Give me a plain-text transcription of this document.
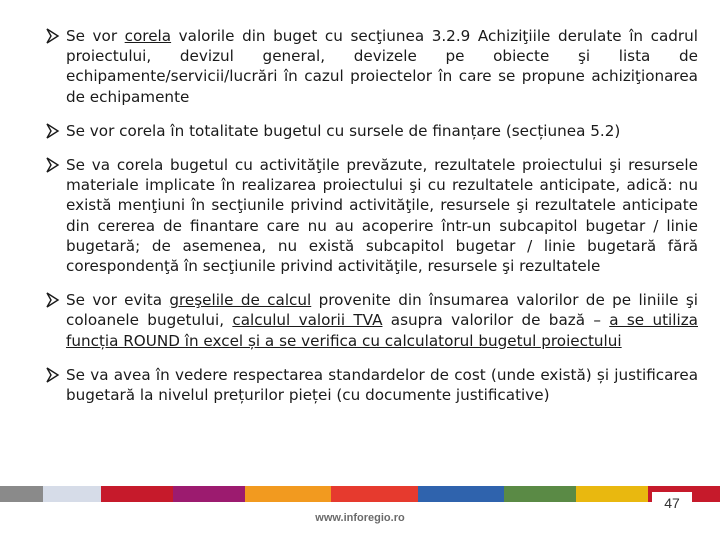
Se vor corela valorile din buget cu secţiunea 3.2.9 Achiziţiile derulate în cadrul proiectului, devizul general, devizele pe obiecte şi lista de echipamente/servicii/lucrări în cazul proiectelor în care se propune achiziţionarea de echipamente
Se vor corela în totalitate bugetul cu sursele de finanțare (secțiunea 5.2)
Se va corela bugetul cu activităţile prevăzute, rezultatele proiectului şi resursele materiale implicate în realizarea proiectului şi cu rezultatele anticipate, adică: nu există menţiuni în secţiunile privind activităţile, resursele şi rezultatele anticipate din cererea de finantare care nu au acoperire într-un subcapitol bugetar / linie bugetară; de asemenea, nu există subcapitol bugetar / linie bugetară fără corespondenţă în secţiunile privind activităţile, resursele şi rezultatele
Se vor evita greşelile de calcul provenite din însumarea valorilor de pe liniile şi coloanele bugetului, calculul valorii TVA asupra valorilor de bază – a se utiliza funcția ROUND în excel și a se verifica cu calculatorul bugetul proiectului
Se va avea în vedere respectarea standardelor de cost (unde există) și justificarea bugetară la nivelul prețurilor pieței (cu documente justificative)
47
www.inforegio.ro
